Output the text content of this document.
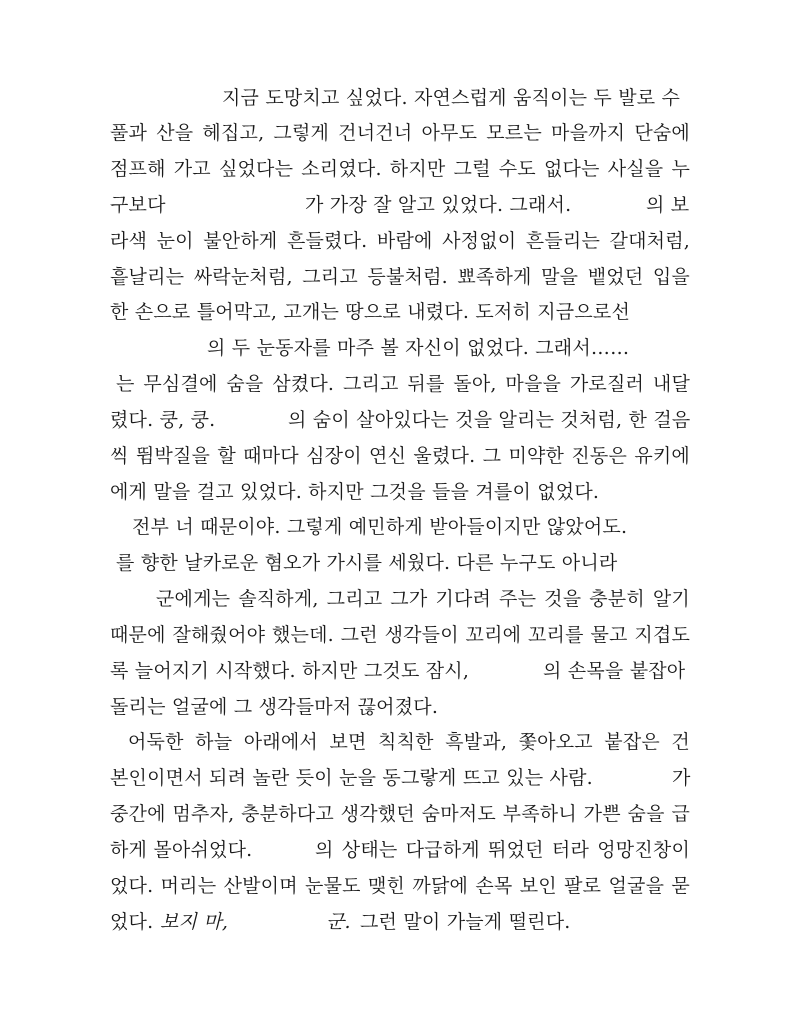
지금 도망치고 싶었다. 자연스럽게 움직이는 두 발로 수
풀과 산을 헤집고, 그렇게 건너건너 아무도 모르는 마을까지 단숨에
점프해 가고 싶었다는 소리였다. 하지만 그럴 수도 없다는 사실을 누
구보다	가 가장 잘 알고 있었다. 그래서.	의 보
라색 눈이 불안하게 흔들렸다. 바람에 사정없이 흔들리는 갈대처럼,
흩날리는 싸락눈처럼, 그리고 등불처럼. 뾰족하게 말을 뱉었던 입을
한 손으로 틀어막고, 고개는 땅으로 내렸다. 도저히 지금으로선
의 두 눈동자를 마주 볼 자신이 없었다. 그래서……
는 무심결에 숨을 삼켰다. 그리고 뒤를 돌아, 마을을 가로질러 내달
렸다. 쿵, 쿵.	의 숨이 살아있다는 것을 알리는 것처럼, 한 걸음
씩 뜀박질을 할 때마다 심장이 연신 울렸다. 그 미약한 진동은 유키에
에게 말을 걸고 있었다. 하지만 그것을 들을 겨를이 없었다.
전부 너 때문이야. 그렇게 예민하게 받아들이지만 않았어도.
를 향한 날카로운 혐오가 가시를 세웠다. 다른 누구도 아니라
군에게는 솔직하게, 그리고 그가 기다려 주는 것을 충분히 알기
때문에 잘해줬어야 했는데. 그런 생각들이 꼬리에 꼬리를 물고 지겹도
록 늘어지기 시작했다. 하지만 그것도 잠시,	의 손목을 붙잡아
돌리는 얼굴에 그 생각들마저 끊어졌다.
어둑한 하늘 아래에서 보면 칙칙한 흑발과, 쫓아오고 붙잡은 건
본인이면서 되려 놀란 듯이 눈을 동그랗게 뜨고 있는 사람.	가
중간에 멈추자, 충분하다고 생각했던 숨마저도 부족하니 가쁜 숨을 급
하게 몰아쉬었다.	의 상태는 다급하게 뛰었던 터라 엉망진창이
었다. 머리는 산발이며 눈물도 맺힌 까닭에 손목 보인 팔로 얼굴을 묻
었다. 보지 마,	군. 그런 말이 가늘게 떨린다.
